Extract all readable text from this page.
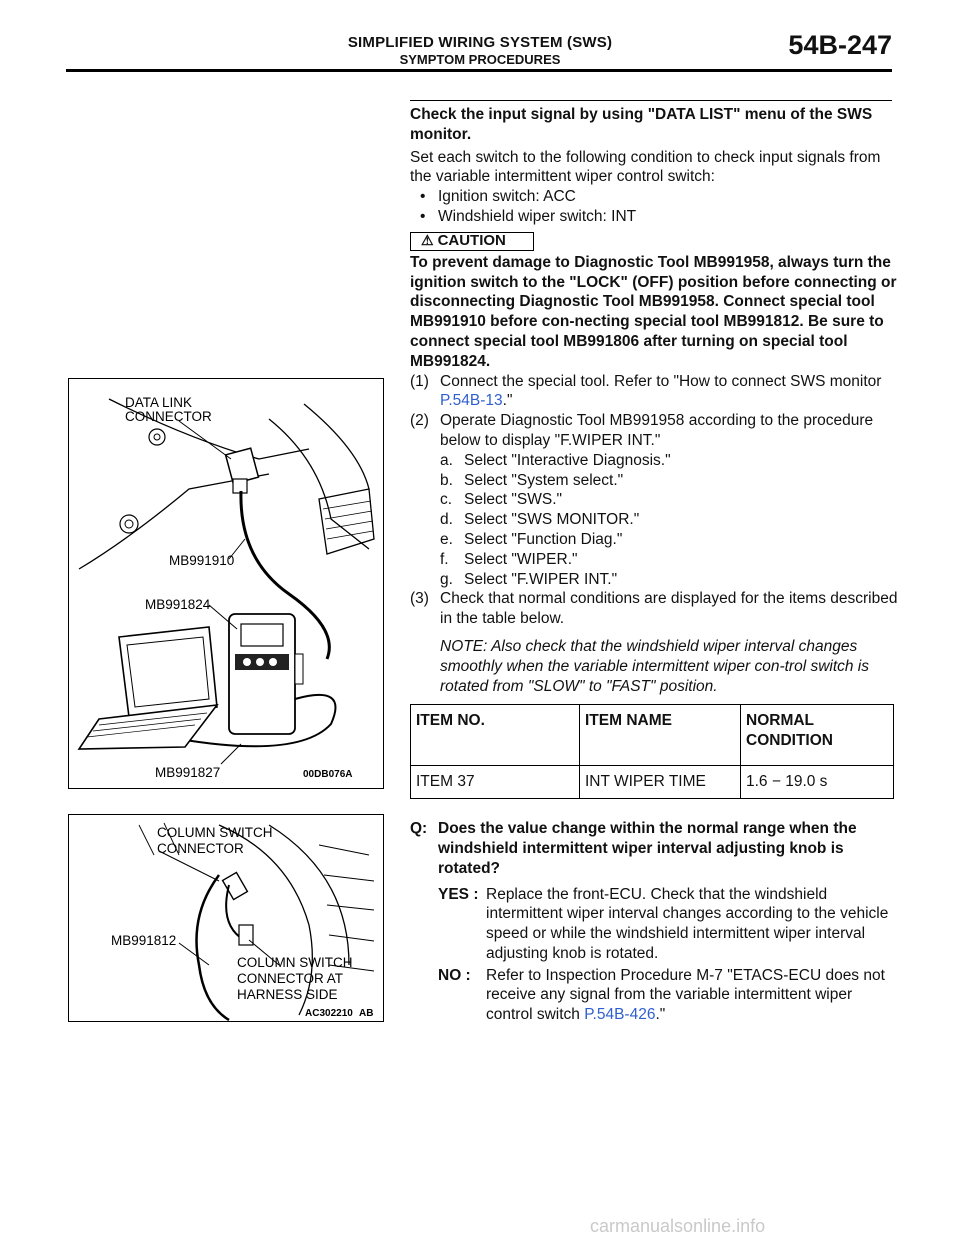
SIMPLIFIED WIRING SYSTEM (SWS)
SYMPTOM PROCEDURES	54B-247
DATA LINK
CONNECTOR
MB991910
MB991824
MB991827	00DB076A
COLUMN SWITCH
CONNECTOR
MB991812
COLUMN SWITCH
CONNECTOR AT
HARNESS SIDE
AC302210 AB

Check the input signal by using "DATA LIST" menu of the SWS monitor.

Set each switch to the following condition to check input signals from the variable intermittent wiper control switch:

• Ignition switch: ACC
• Windshield wiper switch: INT
⚠ CAUTION

To prevent damage to Diagnostic Tool MB991958, always turn the ignition switch to the "LOCK" (OFF) position before connecting or disconnecting Diagnostic Tool MB991958. Connect special tool MB991910 before con-necting special tool MB991812. Be sure to connect special tool MB991806 after turning on special tool MB991824.

(1) Connect the special tool. Refer to "How to connect SWS monitor P.54B-13."
(2) Operate Diagnostic Tool MB991958 according to the procedure below to display "F.WIPER INT."
a. Select "Interactive Diagnosis."
b. Select "System select."
c. Select "SWS."
d. Select "SWS MONITOR."
e. Select "Function Diag."
f. Select "WIPER."
g. Select "F.WIPER INT."
(3) Check that normal conditions are displayed for the items described in the table below.

NOTE: Also check that the windshield wiper interval changes smoothly when the variable intermittent wiper con-trol switch is rotated from "SLOW" to "FAST" position.

ITEM NO.	ITEM NAME	NORMAL CONDITION
ITEM 37	INT WIPER TIME	1.6 − 19.0 s
Q: Does the value change within the normal range when the windshield intermittent wiper interval adjusting knob is rotated?
YES : Replace the front-ECU. Check that the windshield intermittent wiper interval changes according to the vehicle speed or while the windshield intermittent wiper interval adjusting knob is rotated.
NO : Refer to Inspection Procedure M-7 "ETACS-ECU does not receive any signal from the variable intermittent wiper control switch P.54B-426."
carmanualsonline.info
